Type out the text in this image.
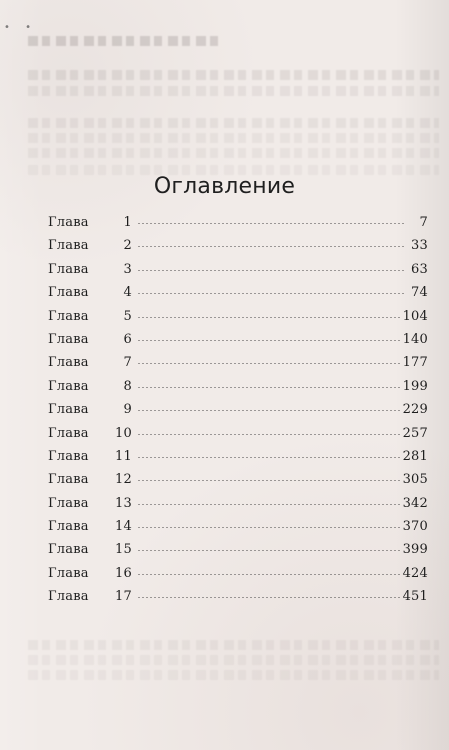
• •
Оглавление
Глава	1	7
Глава	2	33
Глава	3	63
Глава	4	74
Глава	5	104
Глава	6	140
Глава	7	177
Глава	8	199
Глава	9	229
Глава	10	257
Глава	11	281
Глава	12	305
Глава	13	342
Глава	14	370
Глава	15	399
Глава	16	424
Глава	17	451
